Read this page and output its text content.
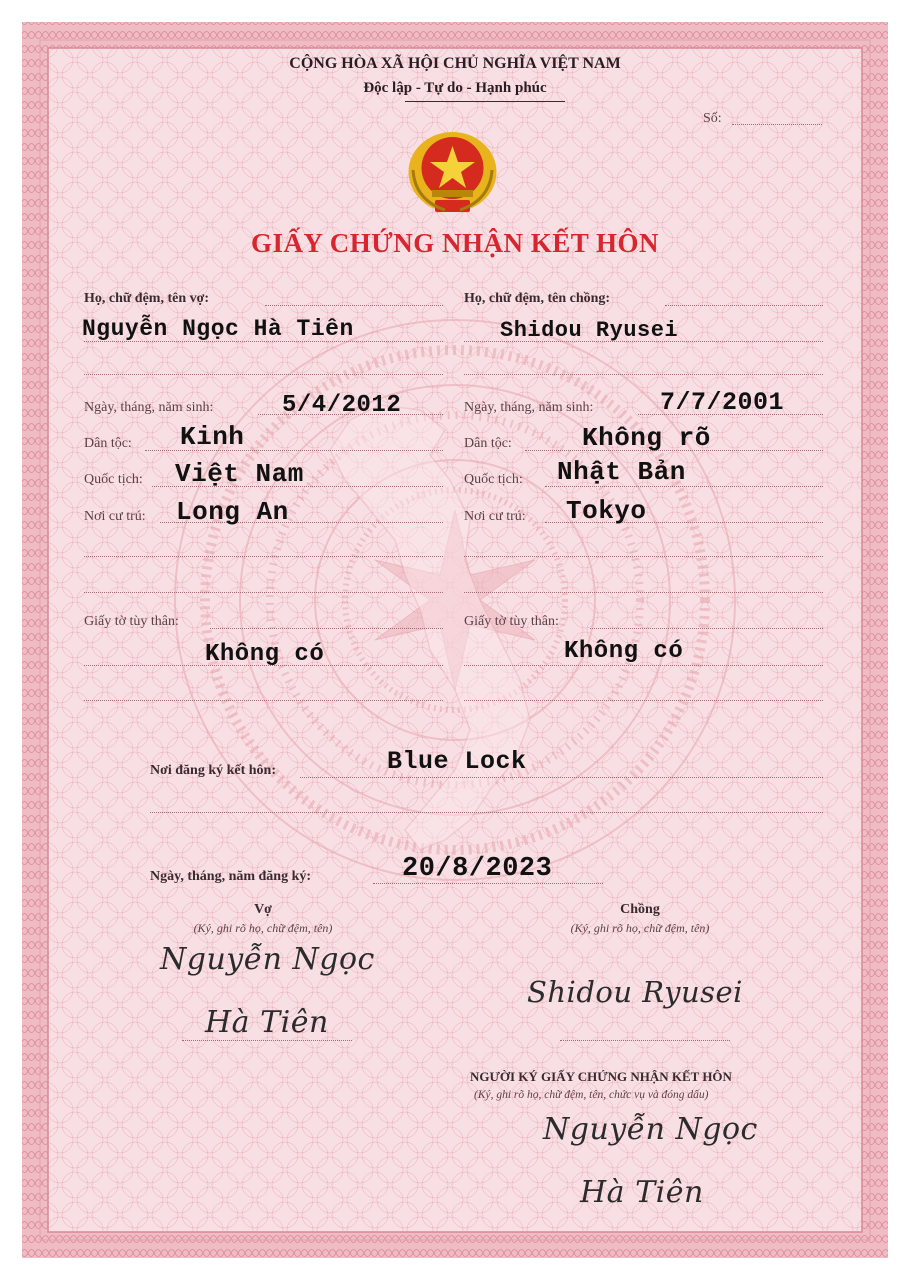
CỘNG HÒA XÃ HỘI CHỦ NGHĨA VIỆT NAM
Độc lập - Tự do - Hạnh phúc
Số:
GIẤY CHỨNG NHẬN KẾT HÔN
Họ, chữ đệm, tên vợ:
Nguyễn Ngọc Hà Tiên
Ngày, tháng, năm sinh:	5/4/2012
Dân tộc: Kinh
Quốc tịch: Việt Nam
Nơi cư trú: Long An
Giấy tờ tùy thân:
Không có
Họ, chữ đệm, tên chồng:
Shidou Ryusei
Ngày, tháng, năm sinh:	7/7/2001
Dân tộc:	Không rõ
Quốc tịch: Nhật Bản
Nơi cư trú: Tokyo
Giấy tờ tùy thân:
Không có
Nơi đăng ký kết hôn:	Blue Lock
Ngày, tháng, năm đăng ký:	20/8/2023
Vợ
(Ký, ghi rõ họ, chữ đệm, tên)
Nguyễn Ngọc
Hà Tiên
Chồng
(Ký, ghi rõ họ, chữ đệm, tên)
Shidou Ryusei
NGƯỜI KÝ GIẤY CHỨNG NHẬN KẾT HÔN
(Ký, ghi rõ họ, chữ đệm, tên, chức vụ và đóng dấu)
Nguyễn Ngọc
Hà Tiên
